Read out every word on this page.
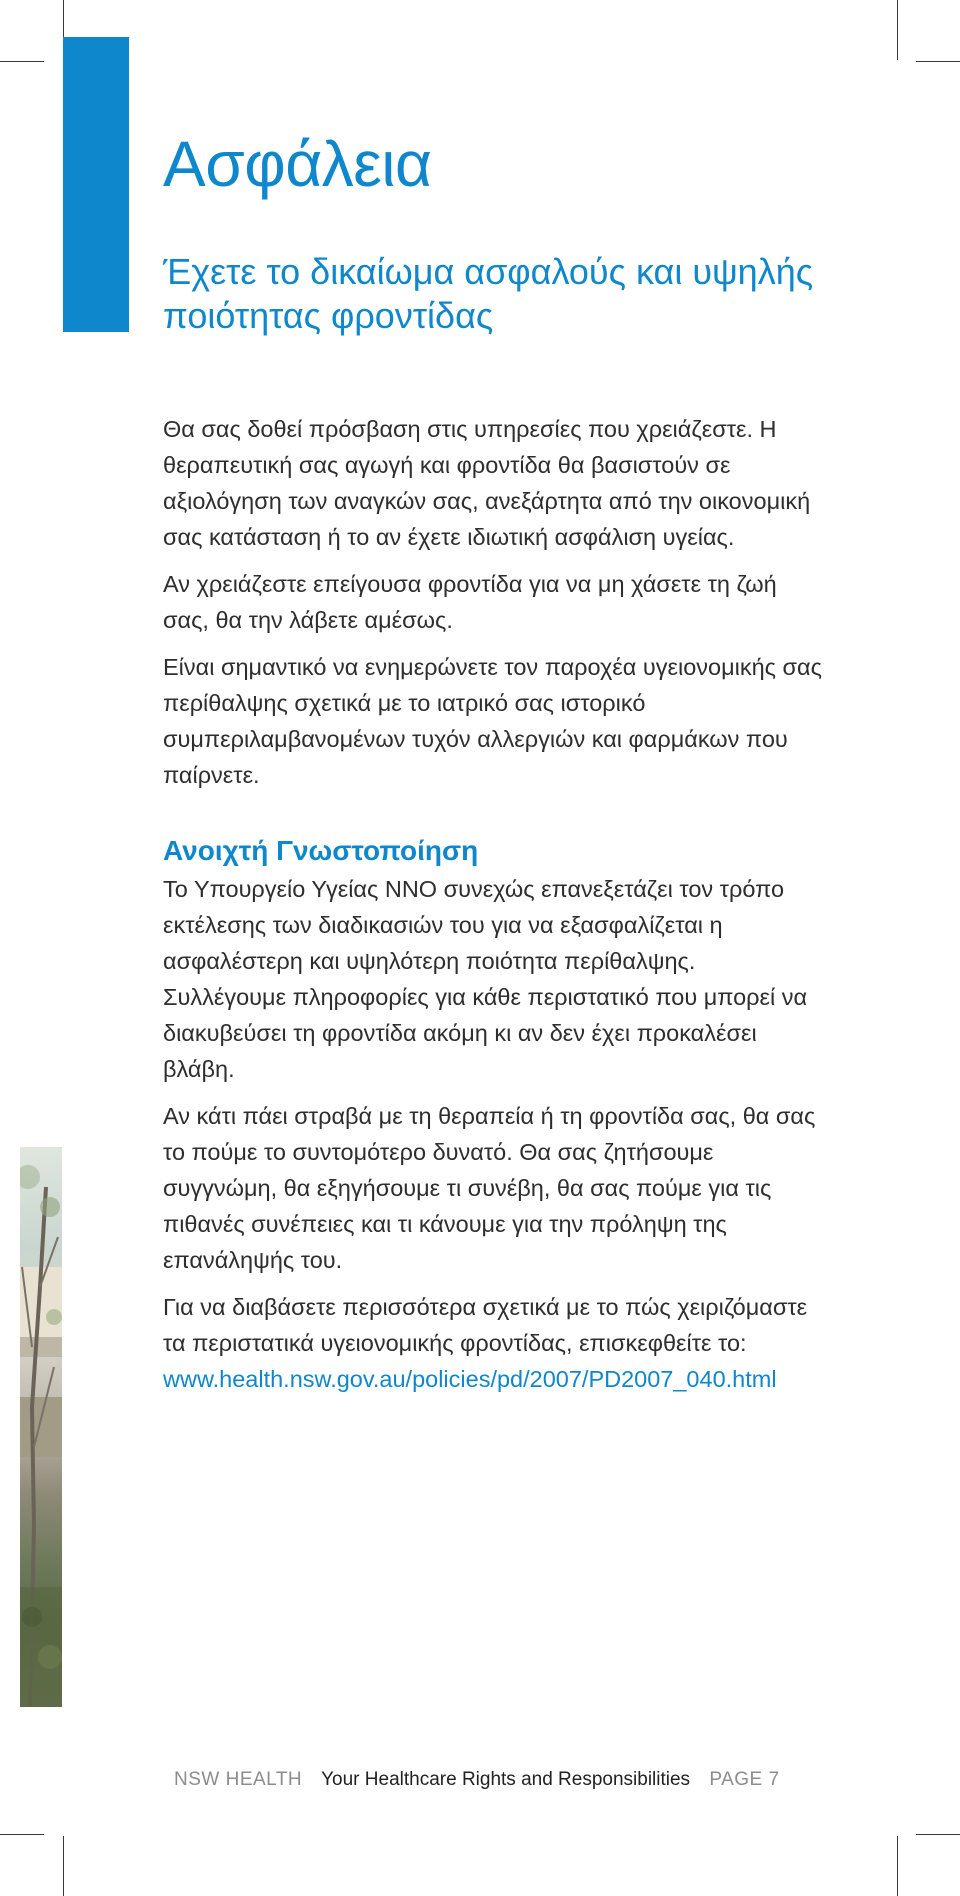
Ασφάλεια
Έχετε το δικαίωμα ασφαλούς και υψηλής ποιότητας φροντίδας

Θα σας δοθεί πρόσβαση στις υπηρεσίες που χρειάζεστε. Η θεραπευτική σας αγωγή και φροντίδα θα βασιστούν σε αξιολόγηση των αναγκών σας, ανεξάρτητα από την οικονομική σας κατάσταση ή το αν έχετε ιδιωτική ασφάλιση υγείας.

Αν χρειάζεστε επείγουσα φροντίδα για να μη χάσετε τη ζωή σας, θα την λάβετε αμέσως.

Είναι σημαντικό να ενημερώνετε τον παροχέα υγειονομικής σας περίθαλψης σχετικά με το ιατρικό σας ιστορικό συμπεριλαμβανομένων τυχόν αλλεργιών και φαρμάκων που παίρνετε.

Ανοιχτή Γνωστοποίηση

Το Υπουργείο Υγείας ΝΝΟ συνεχώς επανεξετάζει τον τρόπο εκτέλεσης των διαδικασιών του για να εξασφαλίζεται η ασφαλέστερη και υψηλότερη ποιότητα περίθαλψης. Συλλέγουμε πληροφορίες για κάθε περιστατικό που μπορεί να διακυβεύσει τη φροντίδα ακόμη κι αν δεν έχει προκαλέσει βλάβη.

Αν κάτι πάει στραβά με τη θεραπεία ή τη φροντίδα σας, θα σας το πούμε το συντομότερο δυνατό. Θα σας ζητήσουμε συγγνώμη, θα εξηγήσουμε τι συνέβη, θα σας πούμε για τις πιθανές συνέπειες και τι κάνουμε για την πρόληψη της επανάληψής του.

Για να διαβάσετε περισσότερα σχετικά με το πώς χειριζόμαστε τα περιστατικά υγειονομικής φροντίδας, επισκεφθείτε το: www.health.nsw.gov.au/policies/pd/2007/PD2007_040.html

NSW HEALTH Your Healthcare Rights and Responsibilities PAGE 7
